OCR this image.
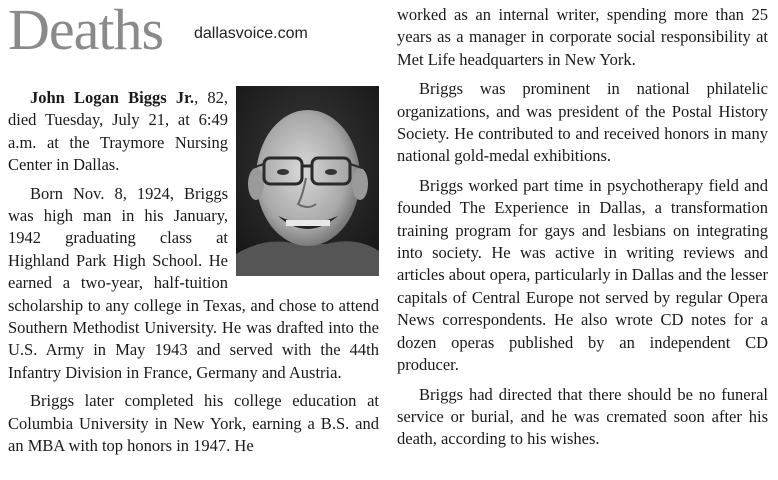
Deaths dallasvoice.com

John Logan Biggs Jr., 82, died Tuesday, July 21, at 6:49 a.m. at the Traymore Nursing Center in Dallas.

Born Nov. 8, 1924, Briggs was high man in his January, 1942 graduating class at Highland Park High School. He earned a two-year, half-tuition scholarship to any college in Texas, and chose to attend Southern Methodist University. He was drafted into the U.S. Army in May 1943 and served with the 44th Infantry Division in France, Germany and Austria.

Briggs later completed his college education at Columbia University in New York, earning a B.S. and an MBA with top honors in 1947. He

worked as an internal writer, spending more than 25 years as a manager in corporate social responsibility at Met Life headquarters in New York.

Briggs was prominent in national philatelic organizations, and was president of the Postal History Society. He contributed to and received honors in many national gold-medal exhibitions.

Briggs worked part time in psychotherapy field and founded The Experience in Dallas, a transformation training program for gays and lesbians on integrating into society. He was active in writing reviews and articles about opera, particularly in Dallas and the lesser capitals of Central Europe not served by regular Opera News correspondents. He also wrote CD notes for a dozen operas published by an independent CD producer.

Briggs had directed that there should be no funeral service or burial, and he was cremated soon after his death, according to his wishes.
